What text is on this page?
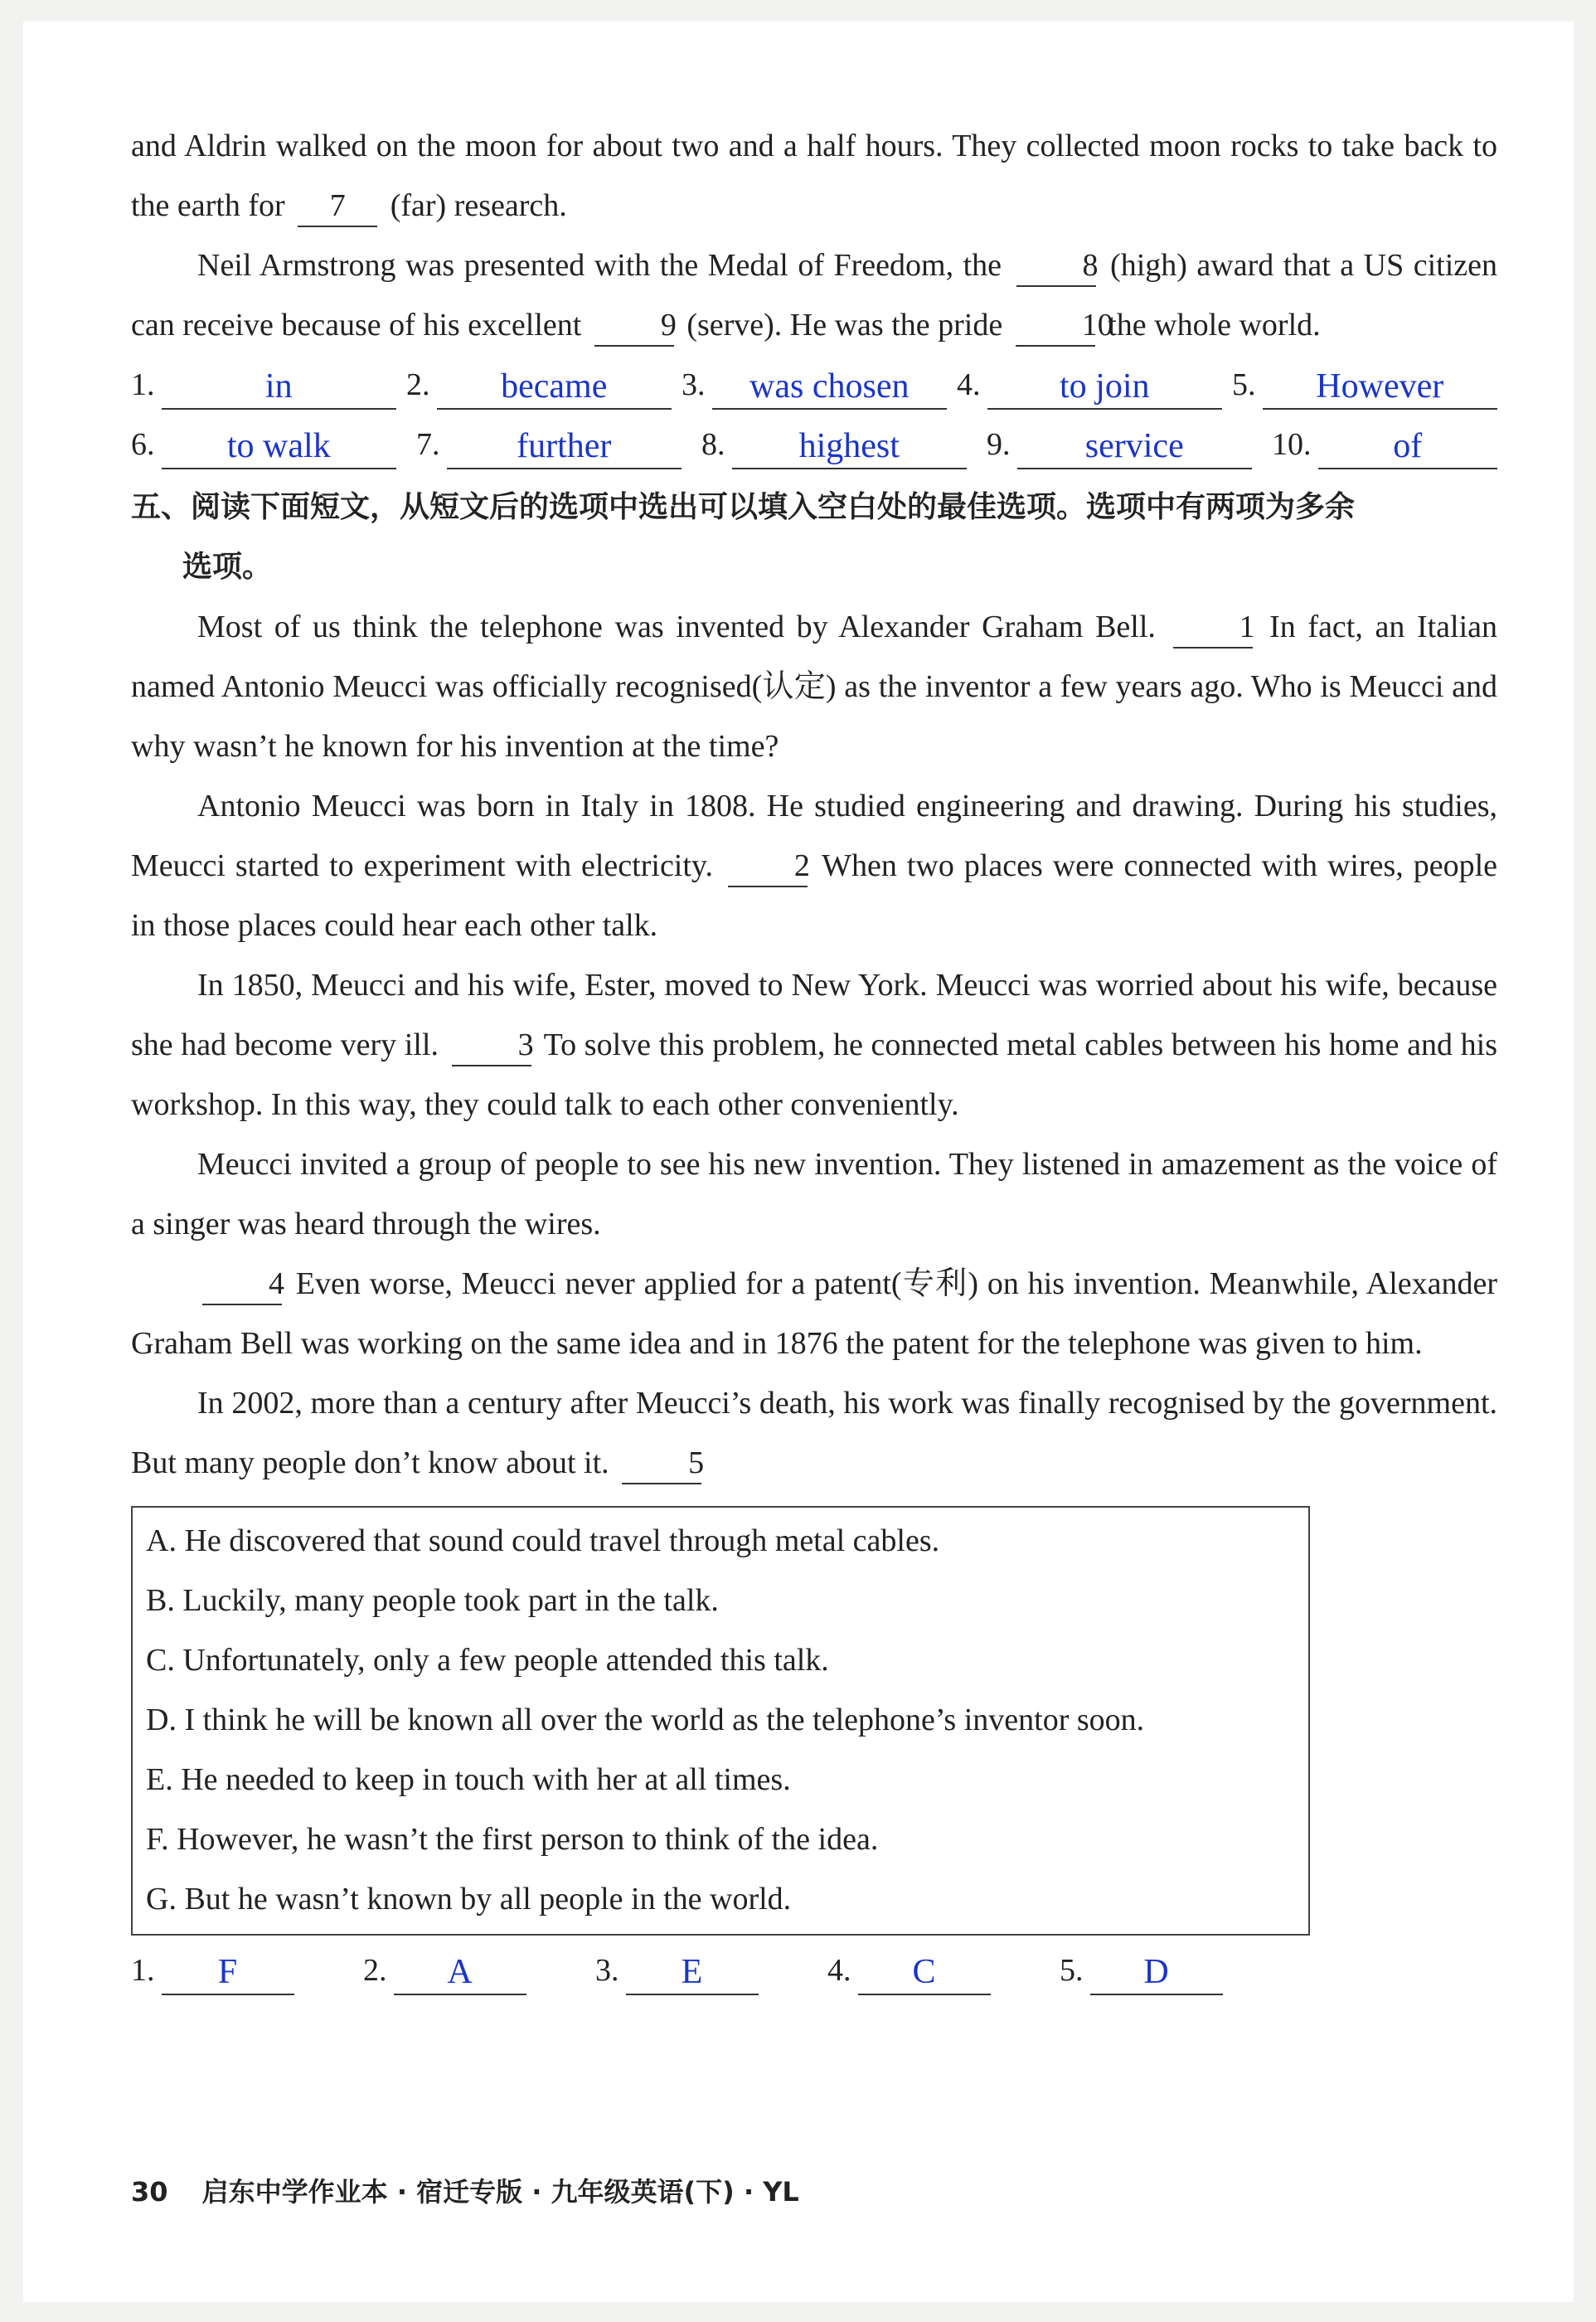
and Aldrin walked on the moon for about two and a half hours. They collected moon rocks to take back to the earth for 7 (far) research.

Neil Armstrong was presented with the Medal of Freedom, the	8 (high) award that a US citizen can receive because of his excellent	9 (serve). He was the pride	10 the whole world.

1.	in	2.	became	3.	was chosen	4.	to join	5.	However
6.	to walk	7.	further	8.	highest	9.	service	10.	of
五、阅读下面短文，从短文后的选项中选出可以填入空白处的最佳选项。选项中有两项为多余
选项。

Most of us think the telephone was invented by Alexander Graham Bell.	1 In fact, an Italian named Antonio Meucci was officially recognised(认定) as the inventor a few years ago. Who is Meucci and why wasn’t he known for his invention at the time?

Antonio Meucci was born in Italy in 1808. He studied engineering and drawing. During his studies, Meucci started to experiment with electricity.	2 When two places were connected with wires, people in those places could hear each other talk.

In 1850, Meucci and his wife, Ester, moved to New York. Meucci was worried about his wife, because she had become very ill.	3 To solve this problem, he connected metal cables between his home and his workshop. In this way, they could talk to each other conveniently.

Meucci invited a group of people to see his new invention. They listened in amazement as the voice of a singer was heard through the wires.

4 Even worse, Meucci never applied for a patent(专利) on his invention. Meanwhile, Alexander Graham Bell was working on the same idea and in 1876 the patent for the telephone was given to him.

In 2002, more than a century after Meucci’s death, his work was finally recognised by the government. But many people don’t know about it.	5

A. He discovered that sound could travel through metal cables.
B. Luckily, many people took part in the talk.
C. Unfortunately, only a few people attended this talk.
D. I think he will be known all over the world as the telephone’s inventor soon.
E. He needed to keep in touch with her at all times.
F. However, he wasn’t the first person to think of the idea.
G. But he wasn’t known by all people in the world.
1.	F	2.	A	3.	E	4.	C	5.	D
30 启东中学作业本 · 宿迁专版 · 九年级英语(下) · YL
